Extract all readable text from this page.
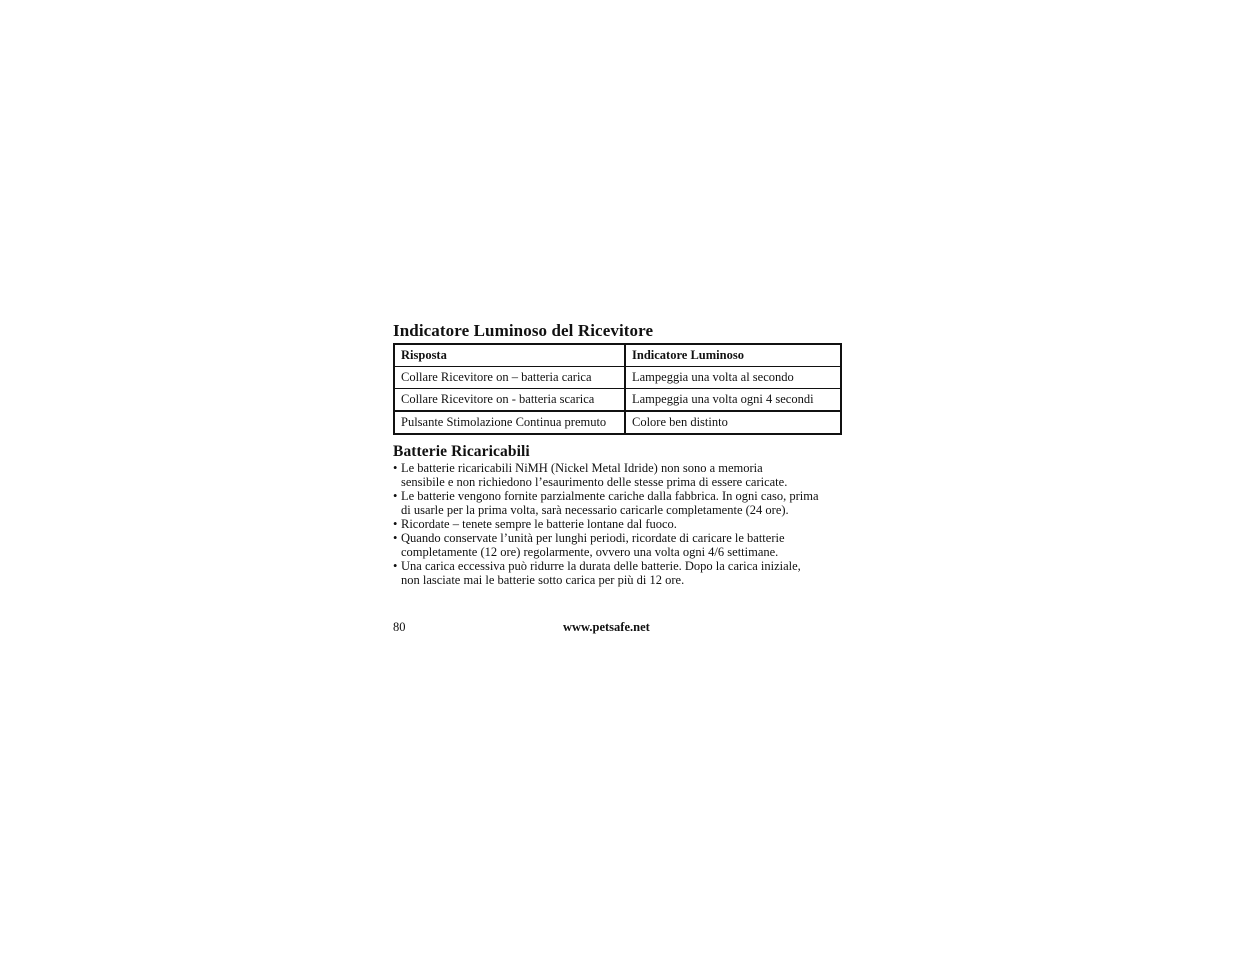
Indicatore Luminoso del Ricevitore
Risposta	Indicatore Luminoso
Collare Ricevitore on – batteria carica	Lampeggia una volta al secondo
Collare Ricevitore on - batteria scarica	Lampeggia una volta ogni 4 secondi
Pulsante Stimolazione Continua premuto	Colore ben distinto
Batterie Ricaricabili
• Le batterie ricaricabili NiMH (Nickel Metal Idride) non sono a memoria
sensibile e non richiedono l’esaurimento delle stesse prima di essere caricate.
• Le batterie vengono fornite parzialmente cariche dalla fabbrica. In ogni caso, prima
di usarle per la prima volta, sarà necessario caricarle completamente (24 ore).
• Ricordate – tenete sempre le batterie lontane dal fuoco.
• Quando conservate l’unità per lunghi periodi, ricordate di caricare le batterie
completamente (12 ore) regolarmente, ovvero una volta ogni 4/6 settimane.
• Una carica eccessiva può ridurre la durata delle batterie. Dopo la carica iniziale,
non lasciate mai le batterie sotto carica per più di 12 ore.
80	www.petsafe.net
